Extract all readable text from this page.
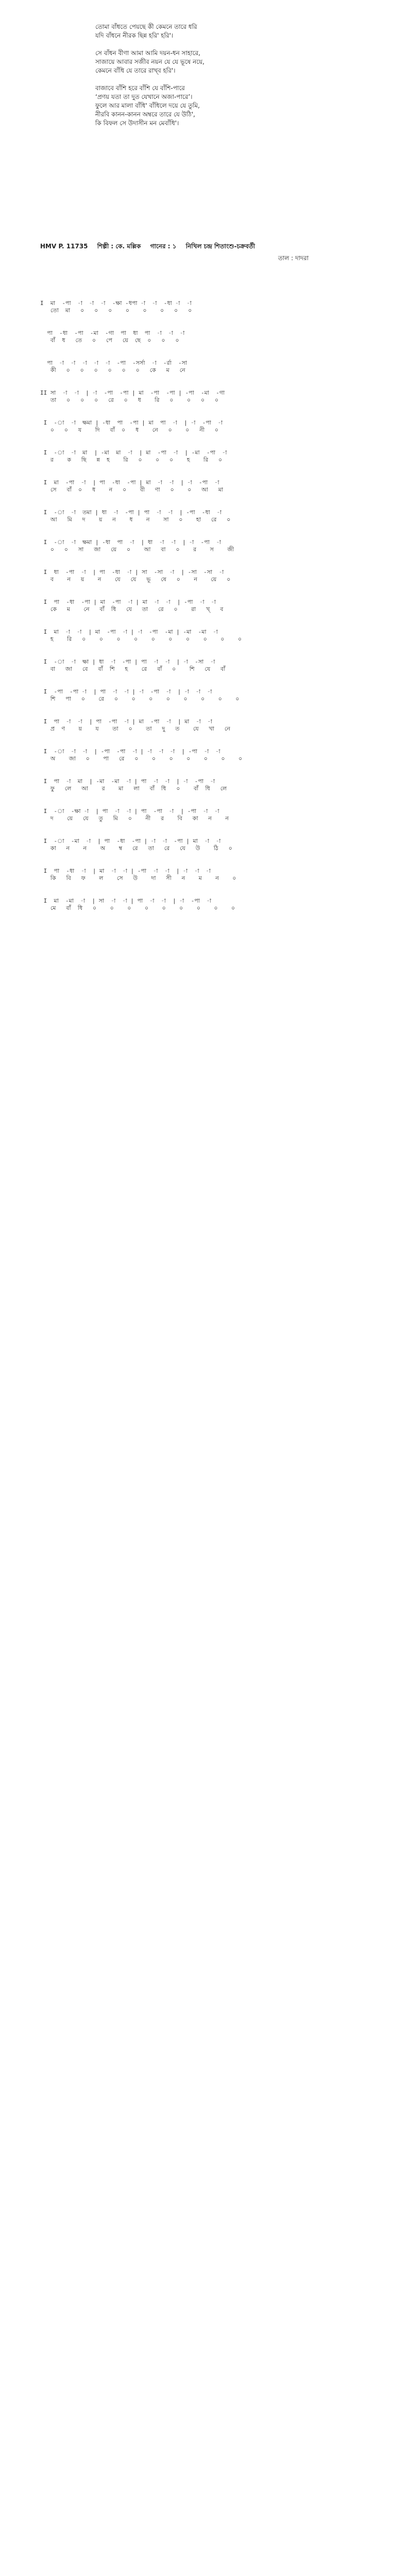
তোমা বাঁধতে পেয়ছে কী কেমনে তারে ধরি

যদি বাঁধনে নীরক ছিন্ন হরি' হরি'।

সে বাঁধন বীণা আমা আমি দয়ন-ধন সাহারে,

সাজায়ে আবার সজীব নয়ন যে যে ভূষে নয়ে,

কেমনে বাঁধি যে তারে রাখ্‌ব হরি'।

বাজাবে বাঁশি হরে বাঁশি যে বাঁশি-পারে

‘প্রণয় যতা তা দুত যেখানে অজা-পারে’।

ফুলে আর মালা বাঁধি' বাঁধিলে দয়ে যে তুমি,

নীরবি কানন-কানন অম্বরে তারে যে উঠি',

কি বিফল সে উদাসীন মন মেবাঁধি'।

HMV P. 11735 শিল্পী : কে. মল্লিক গানের : ১ নিখিল চন্দ্র শিতাংশু-চক্রবর্তী
তাল : দাদরা
I  মা  -পা  -া  -া  -া  -ক্ষা -ধপা -া  -া  -ধা -া  -া
তো  মা   ০   ০   ০    ০    ০    ০   ০   ০
পা  -ধা  -পা  -মা  -গা  পা  ধা  পা  -া  -া  -া
বাঁ  ধ   তে   ০   পে   য়ে  ছে  ০   ০   ০
পা  -া  -া  -া  -া  -া  -পা  -সর্সা  -া  -র্রা  -সা
কী   ০   ০   ০   ০   ০   ০   কে   ম   নে
II সা  -া  -া  | -া  -পা  -পা | মা  -পা  -পা | -পা  -মা  -গা
তা   ০   ০   ০   রে   ০   ধ    রি   ০    ০   ০   ০
I  -া  -া  ক্ষমা | -ধা  পা  -পা | মা  পা  -া  | -া  -পা  -া
০   ০   য    দি   বাঁ  ০   ধ    নে   ০    ০   নী   ০
I  -া  -া  মা  | -মা  মা  -া  | মা  -পা  -া  | -মা  -পা  -া
র    ক   ছি   ন্ন  হ    রি   ০    ০   ০    হ    রি   ০
I  মা  -পা  -া  | পা  -ধা  -পা | মা  -া  -া  | -া  -পা  -া
সে   বাঁ  ০   ধ    ন   ০    বী   ণা   ০    ০   আ   মা
I  -া  -া  তমা | ধা  -া  -পা | পা  -া  -া  | -পা  -ধা  -া
আ   মি   দ    য়   ন    ধ    ন    সা   ০    হা   রে   ০
I  -া  -া  ক্ষমা | -ধা  পা  -া  | ধা  -া  -া  | -া  -পা  -া
০   ০   সা   জা   য়ে   ০    আ   বা   ০    র    স    জী
I  ধা  -পা  -া  | পা  -ধা  -া | সা  -সা  -া  | -সা  -সা  -া
ব    ন   য়    ন    যে   যে   ভূ   ষে   ০    ন    য়ে   ০
I  পা  -ধা  -পা | মা  -পা  -া | মা  -া  -া  | -পা  -া  -া
কে   ম    নে   বাঁ  ধি   যে   তা   রে   ০    রা   খ্‌   ব
I  মা  -া  -া  | মা  -পা  -া | -া  -পা  -মা | -মা  -মা  -া
হ    রি   ০    ০    ০    ০    ০    ০    ০    ০    ০    ০
I  -া  -া  ক্ষা | ধা  -া  -পা | পা  -া  -া  | -া  -সা  -া
বা   জা   বে   বাঁ  শি   হ    রে   বাঁ   ০    শি   যে   বাঁ
I  -পা  -পা -া  | পা  -া  -া | -া  -পা  -া  | -া  -া  -া
শি   পা   ০    রে   ০    ০    ০    ০    ০    ০    ০    ০
I  পা  -া  -া  | পা  -পা  -া | মা  -পা  -া  | মা  -া  -া
প্র  ণ    য়    য    তা   ০    তা   দু   ত    যে   খা   নে
I  -া  -া  -া  | -পা  -পা  -া | -া  -া  -া  | -পা  -া  -া
অ    জা   ০    পা   রে   ০    ০    ০    ০    ০    ০    ০
I  পা  -া  মা  | -মা  -মা  -া | পা  -া  -া  | -া  -পা  -া
ফু   লে   আ    র    মা   লা   বাঁ  ধি   ০    বাঁ  ধি   লে
I  -া  -ক্ষা -া  | পা  -া  -া | পা  -পা  -া  | -পা  -া  -া
দ    য়ে   যে   তু   মি   ০    নী   র    বি   কা   ন    ন
I  -া  -মা  -া  | পা  -ধা  -পা | -া  -া  -পা | মা  -া  -া
কা   ন    ন    অ    ম্ব   রে   তা   রে   যে   উ    ঠি   ০
I  পা  -ধা  -া  | মা  -া  -া | -পা  -া  -া  | -া  -া  -া
কি   বি   ফ    ল    সে   উ    দা   সী   ন    ম    ন    ০
I  মা  -মা  -া  | সা  -া  -া | পা  -া  -া  | -া  -পা  -া
মে   বাঁ  ধি   ০    ০    ০    ০    ০    ০    ০    ০    ০
